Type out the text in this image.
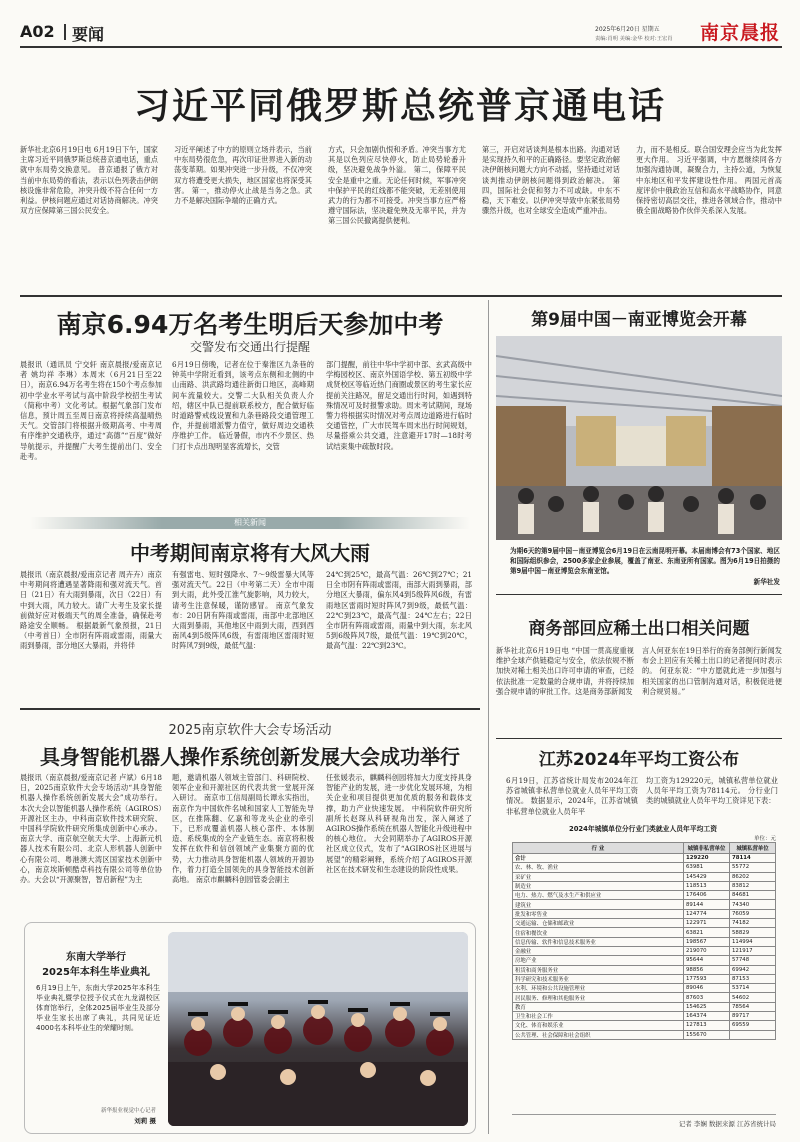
A02 要闻	2025年6月20日 星期五
责编:肖明 美编:金华 校对:王宏肖 南京晨报
习近平同俄罗斯总统普京通电话
新华社北京6月19日电 6月19日下午，国家主席习近平同俄罗斯总统普京通电话，重点就中东局势交换意见。 普京通报了俄方对当前中东局势的看法，表示以色列袭击伊朗核设施非常危险，冲突升级不符合任何一方利益。伊核问题应通过对话协商解决。冲突双方应保障第三国公民安全。
习近平阐述了中方的原则立场并表示，当前中东局势很危急，再次印证世界进入新的动荡变革期。如果冲突进一步升级，不仅冲突双方将遭受更大损失，地区国家也将深受其害。 第一，推动停火止战是当务之急。武力不是解决国际争端的正确方式。
方式，只会加剧仇恨和矛盾。冲突当事方尤其是以色列应尽快停火，防止局势轮番升级，坚决避免战争外溢。 第二，保障平民安全是重中之重。无论任何时候，军事冲突中保护平民的红线都不能突破，无差别使用武力的行为都不可接受。冲突当事方应严格遵守国际法，坚决避免殃及无辜平民，并为第三国公民撤离提供便利。
第三，开启对话谈判是根本出路。沟通对话是实现持久和平的正确路径。要坚定政治解决伊朗核问题大方向不动摇，坚持通过对话谈判推动伊朗核问题得到政治解决。 第四，国际社会促和努力不可或缺。中东不稳，天下难安。以伊冲突导致中东紧张局势骤然升级，也对全球安全造成严重冲击。
力，而不是相反。联合国安理会应当为此发挥更大作用。 习近平强调，中方愿继续同各方加强沟通协调，凝聚合力，主持公道，为恢复中东地区和平发挥建设性作用。 两国元首高度评价中俄政治互信和高水平战略协作，同意保持密切高层交往，推进各领域合作，推动中俄全面战略协作伙伴关系深入发展。
南京6.94万名考生明后天参加中考
交警发布交通出行提醒
晨报讯（通讯员 宁交轩 南京晨报/爱南京记者 姚均祥 李琳）本周末（6月21日至22日），南京6.94万名考生将在150个考点参加初中学业水平考试与高中阶段学校招生考试（简称中考）文化考试。根据气象部门发布信息，预计周五至周日南京将持续高温晴热天气。交管部门将根据升级期高考、中考周有序维护交通秩序，通过“高德”“百度”做好导航提示，并提醒广大考生提前出门、安全赴考。
6月19日傍晚，记者在位于秦淮区九条巷的钟英中学附近看到，该考点东侧和北侧的中山南路、洪武路均通往新街口地区，高峰期间车流量较大。交警二大队相关负责人介绍，辖区中队已提前联系校方，配合做好临时道路警戒线设置和九条巷路段交通管理工作，并提前增派警力值守，做好周边交通秩序维护工作。 临近暑假，市内不少景区、热门打卡点出现明显客流增长，交管
部门提醒，前往中华中学初中部、玄武高级中学梅园校区、南京外国语学校、第五初级中学成贤校区等临近热门商圈或景区的考生家长应提前关注路况，留足交通出行时间，如遇到特殊情况可及时报警求助。周末考试期间，现场警力将根据实时情况对考点周边道路进行临时交通管控，广大市民驾车周末出行时间规划，尽量搭乘公共交通，注意避开17时—18时考试结束集中疏散时段。
相关新闻
中考期间南京将有大风大雨
晨报讯（南京晨报/爱南京记者 周卉卉）南京中考期间将遭遇显著降雨和强对流天气。首日（21日）有大雨到暴雨，次日（22日）有中到大雨，风力较大。请广大考生及家长提前做好应对极端天气的周全准备，确保赴考路途安全顺畅。 根据最新气象预报，21日（中考首日）全市阴有阵雨或雷雨，雨量大雨到暴雨，部分地区大暴雨，并将伴
有强雷电、短时强降水、7～9级雷暴大风等强对流天气。22日（中考第二天）全市中雨到大雨，此外受江淮气旋影响，风力较大，请考生注意保暖，谨防感冒。 南京气象发布：20日阴有阵雨或雷雨，南部中北部地区大雨到暴雨，其他地区中雨到大雨，西到西南风4到5级阵风6级，有雷雨地区雷雨时短时阵风7到9级，最低气温：
24℃到25℃，最高气温：26℃到27℃；21日全市阴有阵雨或雷雨，南部大雨到暴雨，部分地区大暴雨，偏东风4到5级阵风6级，有雷雨地区雷雨时短时阵风7到9级，最低气温：22℃到23℃，最高气温：24℃左右；22日全市阴有阵雨或雷雨，雨量中到大雨，东北风5到6级阵风7级，最低气温：19℃到20℃，最高气温：22℃到23℃。
2025南京软件大会专场活动
具身智能机器人操作系统创新发展大会成功举行
晨报讯（南京晨报/爱南京记者 卢斌）6月18日，2025南京软件大会专场活动“具身智能机器人操作系统创新发展大会”成功举行。 本次大会以智能机器人操作系统（AGIROS）开源社区主办，中科南京软件技术研究院、中国科学院软件研究所集成创新中心承办。南京大学、南京航空航天大学、上海新元机器人技术有限公司、北京人形机器人创新中心有限公司、粤港澳大湾区国家技术创新中心，南京埃斯顿酷卓科技有限公司等单位协办。大会以“开源聚智，智启新程”为主
题，邀请机器人领域主管部门、科研院校、领军企业和开源社区的代表共赏一堂展开深入研讨。 南京市工信局副局长谭永实指出，南京作为中国软件名城和国家人工智能先导区，在推陈翻、亿嘉和等龙头企业的牵引下，已形成覆盖机器人核心部件、本体制造、系统集成的全产业链生态。南京将积极发挥在软件和信创领域产业集聚方面的优势，大力推动具身智能机器人领域的开源协作，着力打造全国领先的具身智能技术创新高地。 南京市麒麟科创园管委会副主
任张媛表示，麒麟科创园将加大力度支持具身智能产业的发展，进一步优化发展环境，为相关企业和项目提供更加优质的服务和载体支撑，助力产业快速发展。 中科院软件研究所副所长赵琛从科研视角出发，深入阐述了AGIROS操作系统在机器人智能化升级进程中的核心地位。 大会同期举办了AGIROS开源社区成立仪式，发布了“AGIROS社区进展与展望”的精彩阐释，系统介绍了AGIROS开源社区在技术研发和生态建设的阶段性成果。
东南大学举行
2025年本科生毕业典礼
6月19日上午，东南大学2025年本科生毕业典礼暨学位授予仪式在九龙湖校区体育馆举行，全体2025届毕业生及部分毕业生家长出席了典礼，共同见证近4000名本科毕业生的荣耀时刻。
新华报业视觉中心记者
刘莉 摄
第9届中国－南亚博览会开幕
为期6天的第9届中国－南亚博览会6月19日在云南昆明开幕。本届南博会有73个国家、地区和国际组织参会，2500多家企业参展，覆盖了南亚、东南亚所有国家。图为6月19日拍摄的第9届中国－南亚博览会东南亚馆。
新华社发
商务部回应稀土出口相关问题
新华社北京6月19日电 “中国一贯高度重视维护全球产供链稳定与安全，依法依规不断加快对稀土相关出口许可申请的审查，已经依法批准一定数量的合规申请，并将持续加强合规申请的审批工作。这是商务部新闻发
言人何亚东在19日举行的商务部例行新闻发布会上回应有关稀土出口的记者提问时表示的。 何亚东说：“中方愿就此进一步加强与相关国家的出口管制沟通对话，积极促进便利合规贸易。”
江苏2024年平均工资公布
6月19日，江苏省统计局发布2024年江苏省城镇非私营单位就业人员年平均工资情况。 数据显示，2024年，江苏省城镇非私营单位就业人员年平
均工资为129220元，城镇私营单位就业人员年平均工资为78114元。 分行业门类的城镇就业人员年平均工资详见下表：
2024年城镇单位分行业门类就业人员年平均工资
单位：元
行 业	城镇非私营单位	城镇私营单位
合计	129220	78114
农、林、牧、渔业	63981	55772
采矿业	145429	86202
制造业	118513	83812
电力、热力、燃气及水生产和供应业	176406	84681
建筑业	89144	74340
批发和零售业	124774	76059
交通运输、仓储和邮政业	122971	74182
住宿和餐饮业	63821	58829
信息传输、软件和信息技术服务业	198567	114994
金融业	219070	121917
房地产业	95644	57748
租赁和商务服务业	98856	69942
科学研究和技术服务业	177593	87153
水利、环境和公共设施管理业	89046	53714
居民服务、修理和其他服务业	87603	54602
教育	154625	78564
卫生和社会工作	164374	89717
文化、体育和娱乐业	127813	69559
公共管理、社会保障和社会组织	155670	
记者 李娴 数据来源 江苏省统计局
